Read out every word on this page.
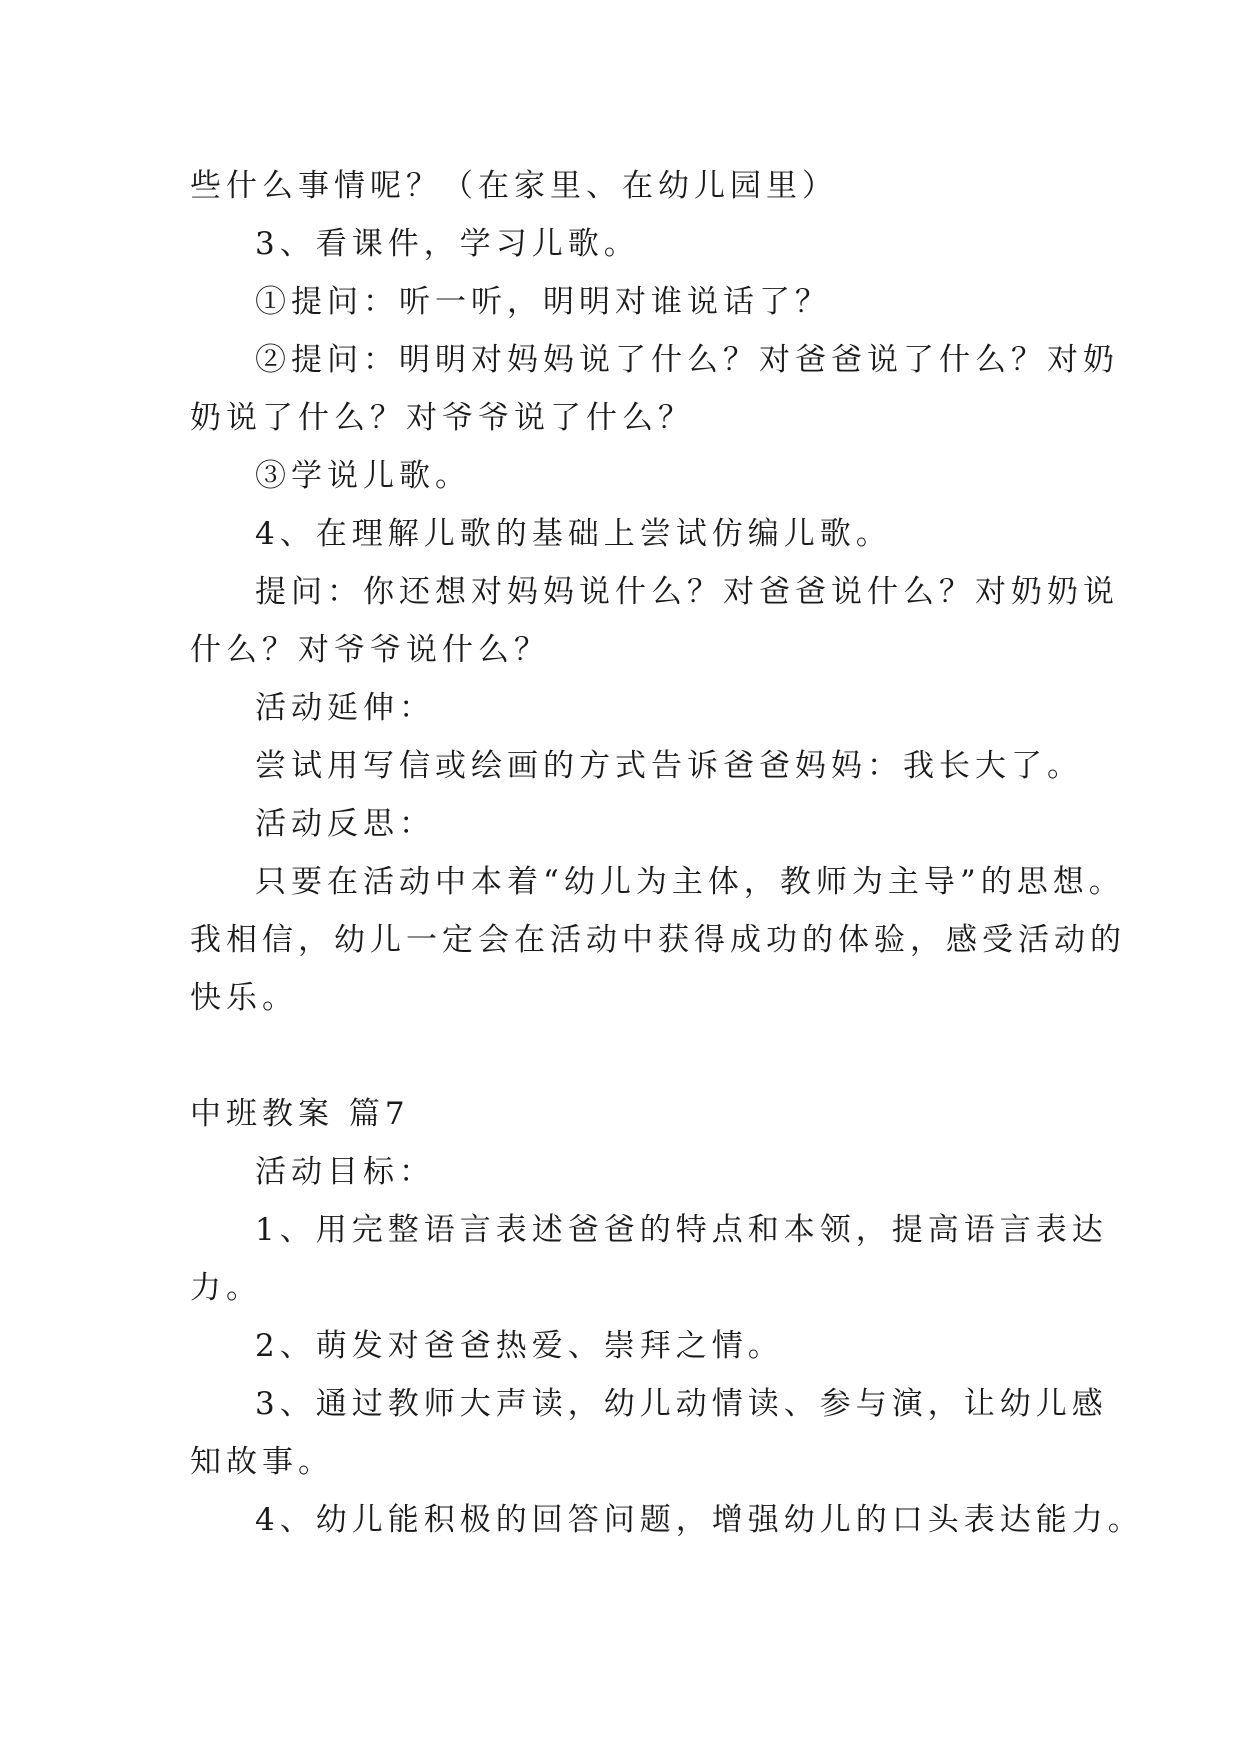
些什么事情呢？（在家里、在幼儿园里）
3、看课件，学习儿歌。
①提问：听一听，明明对谁说话了？
②提问：明明对妈妈说了什么？对爸爸说了什么？对奶
奶说了什么？对爷爷说了什么？
③学说儿歌。
4、在理解儿歌的基础上尝试仿编儿歌。
提问：你还想对妈妈说什么？对爸爸说什么？对奶奶说
什么？对爷爷说什么？
活动延伸：
尝试用写信或绘画的方式告诉爸爸妈妈：我长大了。
活动反思：
只要在活动中本着“幼儿为主体，教师为主导”的思想。
我相信，幼儿一定会在活动中获得成功的体验，感受活动的
快乐。
中班教案 篇7
活动目标：
1、用完整语言表述爸爸的特点和本领，提高语言表达
力。
2、萌发对爸爸热爱、崇拜之情。
3、通过教师大声读，幼儿动情读、参与演，让幼儿感
知故事。
4、幼儿能积极的回答问题，增强幼儿的口头表达能力。
